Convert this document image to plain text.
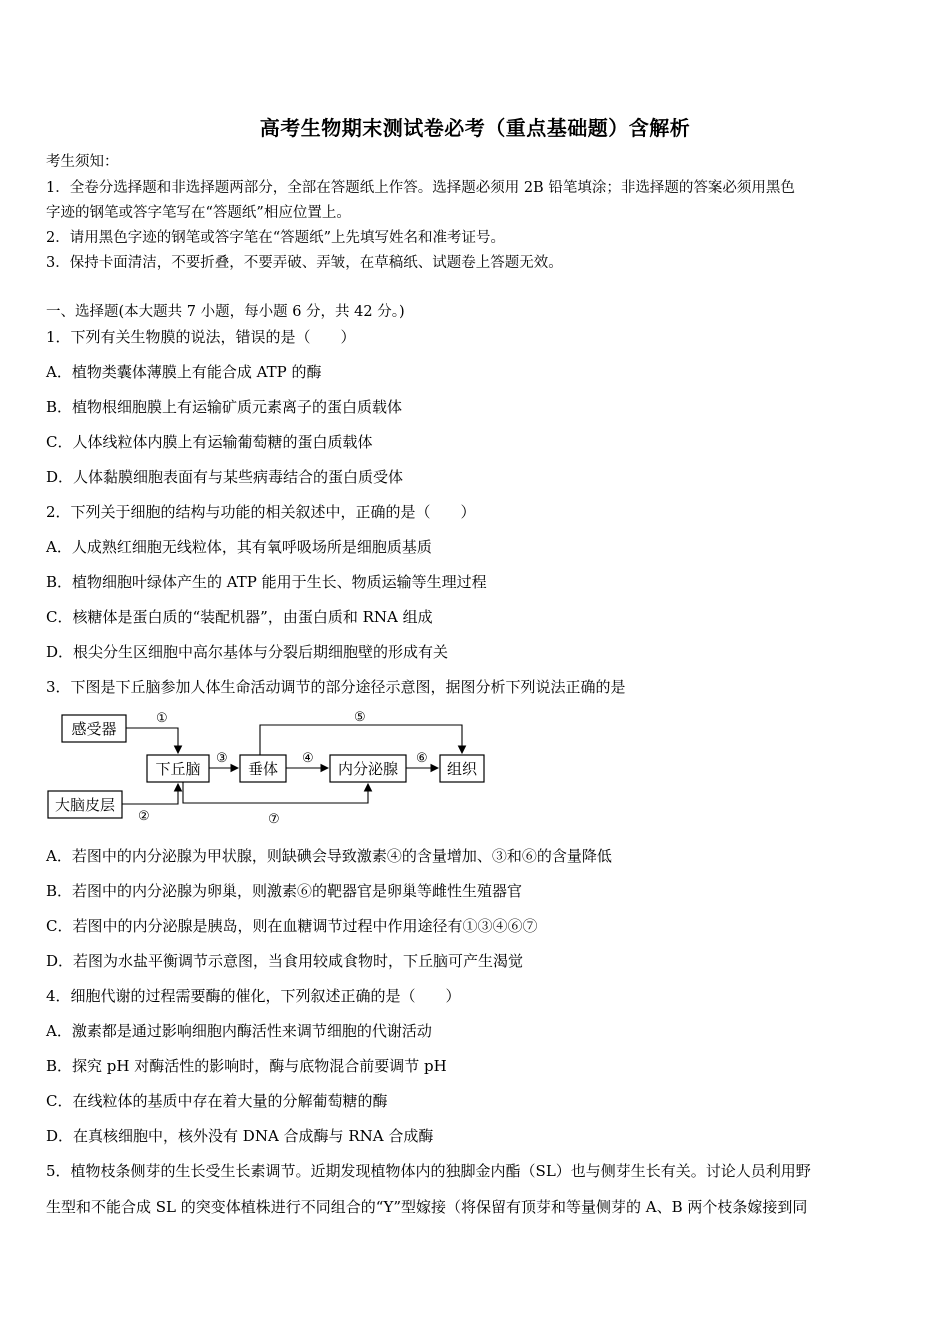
高考生物期末测试卷必考（重点基础题）含解析
考生须知：
1．全卷分选择题和非选择题两部分，全部在答题纸上作答。选择题必须用 2B 铅笔填涂；非选择题的答案必须用黑色
字迹的钢笔或答字笔写在“答题纸”相应位置上。
2．请用黑色字迹的钢笔或答字笔在“答题纸”上先填写姓名和准考证号。
3．保持卡面清洁，不要折叠，不要弄破、弄皱，在草稿纸、试题卷上答题无效。
一、选择题(本大题共 7 小题，每小题 6 分，共 42 分。)
1．下列有关生物膜的说法，错误的是（　　）
A．植物类囊体薄膜上有能合成 ATP 的酶
B．植物根细胞膜上有运输矿质元素离子的蛋白质载体
C．人体线粒体内膜上有运输葡萄糖的蛋白质载体
D．人体黏膜细胞表面有与某些病毒结合的蛋白质受体
2．下列关于细胞的结构与功能的相关叙述中，正确的是（　　）
A．人成熟红细胞无线粒体，其有氧呼吸场所是细胞质基质
B．植物细胞叶绿体产生的 ATP 能用于生长、物质运输等生理过程
C．核糖体是蛋白质的“装配机器”，由蛋白质和 RNA 组成
D．根尖分生区细胞中高尔基体与分裂后期细胞壁的形成有关
3．下图是下丘脑参加人体生命活动调节的部分途径示意图，据图分析下列说法正确的是
感受器
大脑皮层
下丘脑	垂体	内分泌腺	组织
①
②
③	④
⑤
⑥
⑦
A．若图中的内分泌腺为甲状腺，则缺碘会导致激素④的含量增加、③和⑥的含量降低
B．若图中的内分泌腺为卵巢，则激素⑥的靶器官是卵巢等雌性生殖器官
C．若图中的内分泌腺是胰岛，则在血糖调节过程中作用途径有①③④⑥⑦
D．若图为水盐平衡调节示意图，当食用较咸食物时，下丘脑可产生渴觉
4．细胞代谢的过程需要酶的催化，下列叙述正确的是（　　）
A．激素都是通过影响细胞内酶活性来调节细胞的代谢活动
B．探究 pH 对酶活性的影响时，酶与底物混合前要调节 pH
C．在线粒体的基质中存在着大量的分解葡萄糖的酶
D．在真核细胞中，核外没有 DNA 合成酶与 RNA 合成酶
5．植物枝条侧芽的生长受生长素调节。近期发现植物体内的独脚金内酯（SL）也与侧芽生长有关。讨论人员利用野
生型和不能合成 SL 的突变体植株进行不同组合的“Y”型嫁接（将保留有顶芽和等量侧芽的 A、B 两个枝条嫁接到同
